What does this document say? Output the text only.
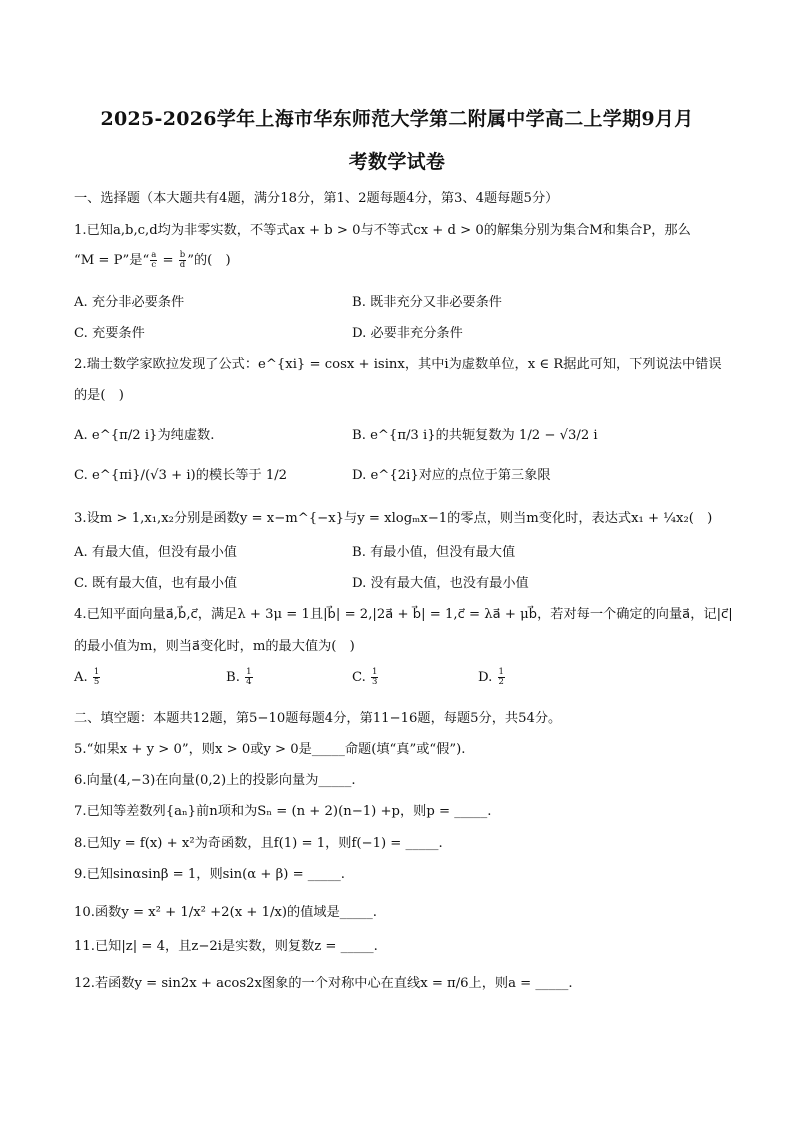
2025-2026学年上海市华东师范大学第二附属中学高二上学期9月月
考数学试卷
一、选择题（本大题共有4题，满分18分，第1、2题每题4分，第3、4题每题5分）
1.已知a,b,c,d均为非零实数，不等式ax + b > 0与不等式cx + d > 0的解集分别为集合M和集合P，那么
“M = P”是“ $\frac{a}{c} = \frac{b}{d}$ ”的(　)
A. 充分非必要条件	B. 既非充分又非必要条件
C. 充要条件	D. 必要非充分条件
2.瑞士数学家欧拉发现了公式：e^{xi} = cosx + isinx，其中i为虚数单位，x ∈ R据此可知，下列说法中错误
的是(　)
A. e^{π/2 i}为纯虚数.	B. e^{π/3 i}的共轭复数为 1/2 − √3/2 i
C. e^{πi}/(√3 + i)的模长等于 1/2	D. e^{2i}对应的点位于第三象限
3.设m > 1,x₁,x₂分别是函数y = x−m^{−x}与y = xlogₘx−1的零点，则当m变化时，表达式x₁ + ¼x₂(　)
A. 有最大值，但没有最小值	B. 有最小值，但没有最大值
C. 既有最大值，也有最小值	D. 没有最大值，也没有最小值
4.已知平面向量a⃗,b⃗,c⃗，满足λ + 3μ = 1且|b⃗| = 2,|2a⃗ + b⃗| = 1,c⃗ = λa⃗ + μb⃗，若对每一个确定的向量a⃗，记|c⃗|
的最小值为m，则当a⃗变化时，m的最大值为(　)
A. $\frac{1}{5}$	B. $\frac{1}{4}$	C. $\frac{1}{3}$	D. $\frac{1}{2}$
二、填空题：本题共12题，第5−10题每题4分，第11−16题，每题5分，共54分。
5.“如果x + y > 0”，则x > 0或y > 0是_____命题(填“真”或“假”).
6.向量(4,−3)在向量(0,2)上的投影向量为_____.
7.已知等差数列{aₙ}前n项和为Sₙ = (n + 2)(n−1) +p，则p = _____.
8.已知y = f(x) + x²为奇函数，且f(1) = 1，则f(−1) = _____.
9.已知sinαsinβ = 1，则sin(α + β) = _____.
10.函数y = x² + 1/x² +2(x + 1/x)的值域是_____.
11.已知|z| = 4，且z−2i是实数，则复数z = _____.
12.若函数y = sin2x + acos2x图象的一个对称中心在直线x = π/6上，则a = _____.
